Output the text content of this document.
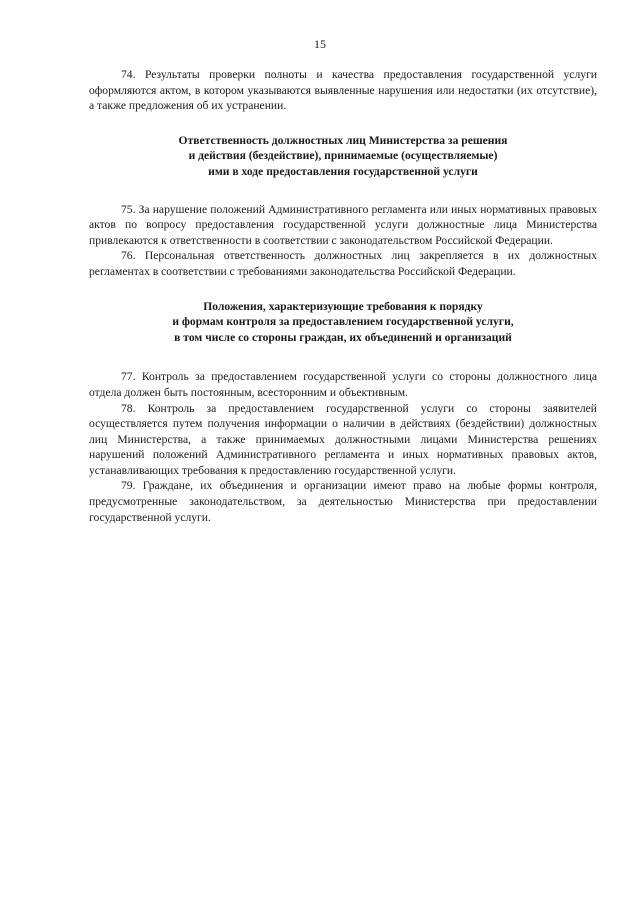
15

74. Результаты проверки полноты и качества предоставления государственной услуги оформляются актом, в котором указываются выявленные нарушения или недостатки (их отсутствие), а также предложения об их устранении.

Ответственность должностных лиц Министерства за решения

и действия (бездействие), принимаемые (осуществляемые)

ими в ходе предоставления государственной услуги

75. За нарушение положений Административного регламента или иных нормативных правовых актов по вопросу предоставления государственной услуги должностные лица Министерства привлекаются к ответственности в соответствии с законодательством Российской Федерации.

76. Персональная ответственность должностных лиц закрепляется в их должностных регламентах в соответствии с требованиями законодательства Российской Федерации.

Положения, характеризующие требования к порядку

и формам контроля за предоставлением государственной услуги,

в том числе со стороны граждан, их объединений и организаций

77. Контроль за предоставлением государственной услуги со стороны должностного лица отдела должен быть постоянным, всесторонним и объективным.

78. Контроль за предоставлением государственной услуги со стороны заявителей осуществляется путем получения информации о наличии в действиях (бездействии) должностных лиц Министерства, а также принимаемых должностными лицами Министерства решениях нарушений положений Административного регламента и иных нормативных правовых актов, устанавливающих требования к предоставлению государственной услуги.

79. Граждане, их объединения и организации имеют право на любые формы контроля, предусмотренные законодательством, за деятельностью Министерства при предоставлении государственной услуги.
